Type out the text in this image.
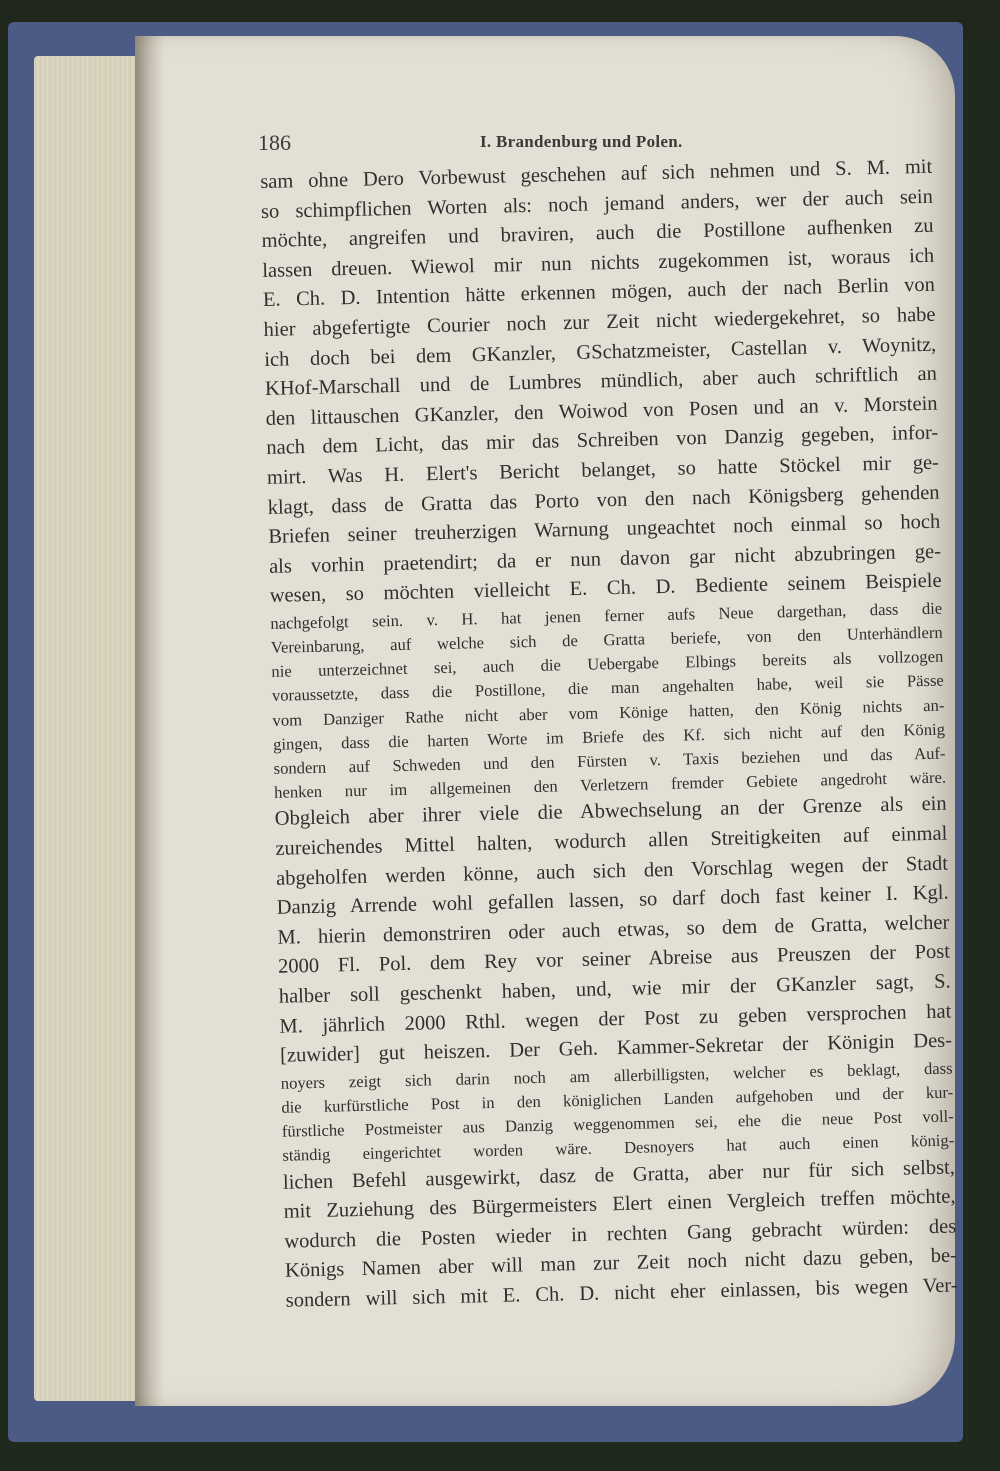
186	I. Brandenburg und Polen.
sam ohne Dero Vorbewust geschehen auf sich nehmen und S. M. mit
so schimpflichen Worten als: noch jemand anders, wer der auch sein
möchte, angreifen und braviren, auch die Postillone aufhenken zu
lassen dreuen. Wiewol mir nun nichts zugekommen ist, woraus ich
E. Ch. D. Intention hätte erkennen mögen, auch der nach Berlin von
hier abgefertigte Courier noch zur Zeit nicht wiedergekehret, so habe
ich doch bei dem GKanzler, GSchatzmeister, Castellan v. Woynitz,
KHof-Marschall und de Lumbres mündlich, aber auch schriftlich an
den littauschen GKanzler, den Woiwod von Posen und an v. Morstein
nach dem Licht, das mir das Schreiben von Danzig gegeben, infor-
mirt. Was H. Elert's Bericht belanget, so hatte Stöckel mir ge-
klagt, dass de Gratta das Porto von den nach Königsberg gehenden
Briefen seiner treuherzigen Warnung ungeachtet noch einmal so hoch
als vorhin praetendirt; da er nun davon gar nicht abzubringen ge-
wesen, so möchten vielleicht E. Ch. D. Bediente seinem Beispiele
nachgefolgt sein. v. H. hat jenen ferner aufs Neue dargethan, dass die
Vereinbarung, auf welche sich de Gratta beriefe, von den Unterhändlern
nie unterzeichnet sei, auch die Uebergabe Elbings bereits als vollzogen
voraussetzte, dass die Postillone, die man angehalten habe, weil sie Pässe
vom Danziger Rathe nicht aber vom Könige hatten, den König nichts an-
gingen, dass die harten Worte im Briefe des Kf. sich nicht auf den König
sondern auf Schweden und den Fürsten v. Taxis beziehen und das Auf-
henken nur im allgemeinen den Verletzern fremder Gebiete angedroht wäre.
Obgleich aber ihrer viele die Abwechselung an der Grenze als ein
zureichendes Mittel halten, wodurch allen Streitigkeiten auf einmal
abgeholfen werden könne, auch sich den Vorschlag wegen der Stadt
Danzig Arrende wohl gefallen lassen, so darf doch fast keiner I. Kgl.
M. hierin demonstriren oder auch etwas, so dem de Gratta, welcher
2000 Fl. Pol. dem Rey vor seiner Abreise aus Preuszen der Post
halber soll geschenkt haben, und, wie mir der GKanzler sagt, S.
M. jährlich 2000 Rthl. wegen der Post zu geben versprochen hat
[zuwider] gut heiszen. Der Geh. Kammer-Sekretar der Königin Des-
noyers zeigt sich darin noch am allerbilligsten, welcher es beklagt, dass
die kurfürstliche Post in den königlichen Landen aufgehoben und der kur-
fürstliche Postmeister aus Danzig weggenommen sei, ehe die neue Post voll-
ständig eingerichtet worden wäre. Desnoyers hat auch einen könig-
lichen Befehl ausgewirkt, dasz de Gratta, aber nur für sich selbst,
mit Zuziehung des Bürgermeisters Elert einen Vergleich treffen möchte,
wodurch die Posten wieder in rechten Gang gebracht würden: des
Königs Namen aber will man zur Zeit noch nicht dazu geben, be-
sondern will sich mit E. Ch. D. nicht eher einlassen, bis wegen Ver-
